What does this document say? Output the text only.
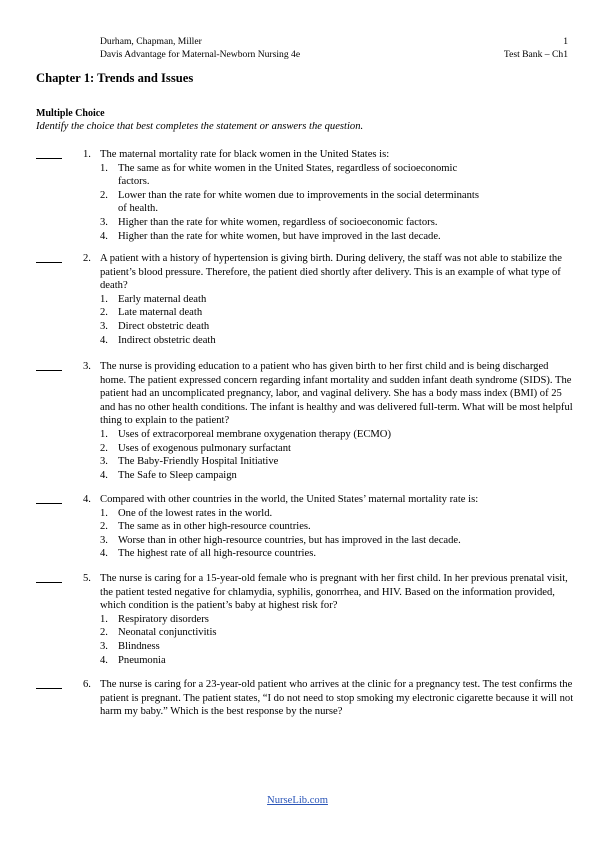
Durham, Chapman, Miller
Davis Advantage for Maternal-Newborn Nursing 4e
1
Test Bank – Ch1
Chapter 1: Trends and Issues
Multiple Choice
Identify the choice that best completes the statement or answers the question.
1. The maternal mortality rate for black women in the United States is:
1. The same as for white women in the United States, regardless of socioeconomic factors.
2. Lower than the rate for white women due to improvements in the social determinants of health.
3. Higher than the rate for white women, regardless of socioeconomic factors.
4. Higher than the rate for white women, but have improved in the last decade.
2. A patient with a history of hypertension is giving birth. During delivery, the staff was not able to stabilize the patient’s blood pressure. Therefore, the patient died shortly after delivery. This is an example of what type of death?
1. Early maternal death
2. Late maternal death
3. Direct obstetric death
4. Indirect obstetric death
3. The nurse is providing education to a patient who has given birth to her first child and is being discharged home. The patient expressed concern regarding infant mortality and sudden infant death syndrome (SIDS). The patient had an uncomplicated pregnancy, labor, and vaginal delivery. She has a body mass index (BMI) of 25 and has no other health conditions. The infant is healthy and was delivered full-term. What will be most helpful thing to explain to the patient?
1. Uses of extracorporeal membrane oxygenation therapy (ECMO)
2. Uses of exogenous pulmonary surfactant
3. The Baby-Friendly Hospital Initiative
4. The Safe to Sleep campaign
4. Compared with other countries in the world, the United States’ maternal mortality rate is:
1. One of the lowest rates in the world.
2. The same as in other high-resource countries.
3. Worse than in other high-resource countries, but has improved in the last decade.
4. The highest rate of all high-resource countries.
5. The nurse is caring for a 15-year-old female who is pregnant with her first child. In her previous prenatal visit, the patient tested negative for chlamydia, syphilis, gonorrhea, and HIV. Based on the information provided, which condition is the patient’s baby at highest risk for?
1. Respiratory disorders
2. Neonatal conjunctivitis
3. Blindness
4. Pneumonia
6. The nurse is caring for a 23-year-old patient who arrives at the clinic for a pregnancy test. The test confirms the patient is pregnant. The patient states, “I do not need to stop smoking my electronic cigarette because it will not harm my baby.” Which is the best response by the nurse?
NurseLib.com
